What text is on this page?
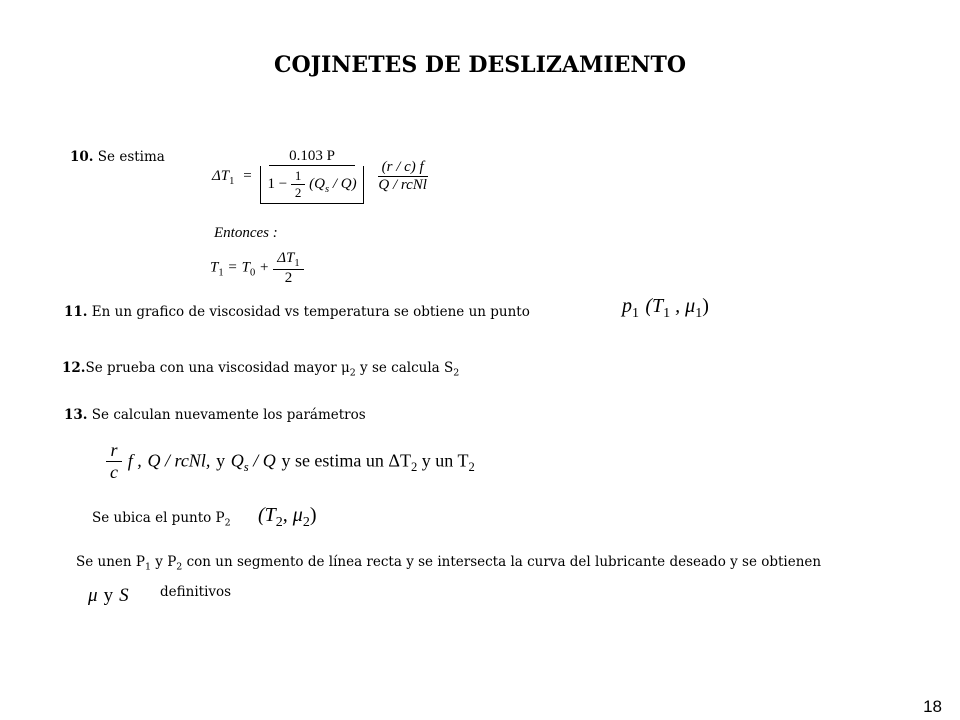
COJINETES DE DESLIZAMIENTO
10. Se estima
$\Delta T_1 = \frac{0.103 P}{1 - \frac{1}{2} (Q_s / Q)}$
$\frac{(r / c) f}{\text{Q / rcNl}}$
Entonces :
$T_1 = T_0 + \frac{\Delta T_1}{2}$
11. En un grafico de viscosidad vs temperatura se obtiene un punto	$p_1$ ($T_1$ , $\mu_1$)
12.Se prueba con una viscosidad mayor $\mu_2$ y se calcula $S_2$
13. Se calculan nuevamente los parámetros
$\frac{r}{c}$ f , Q / rcNl, y $Q_s$ / Q y se estima un $\Delta T_2$ y un $T_2$
Se ubica el punto $P_2$ ($T_2$, $\mu_2$)
Se unen $P_1$ y $P_2$ con un segmento de línea recta y se intersecta la curva del lubricante deseado y se obtienen
μ y S definitivos
18
